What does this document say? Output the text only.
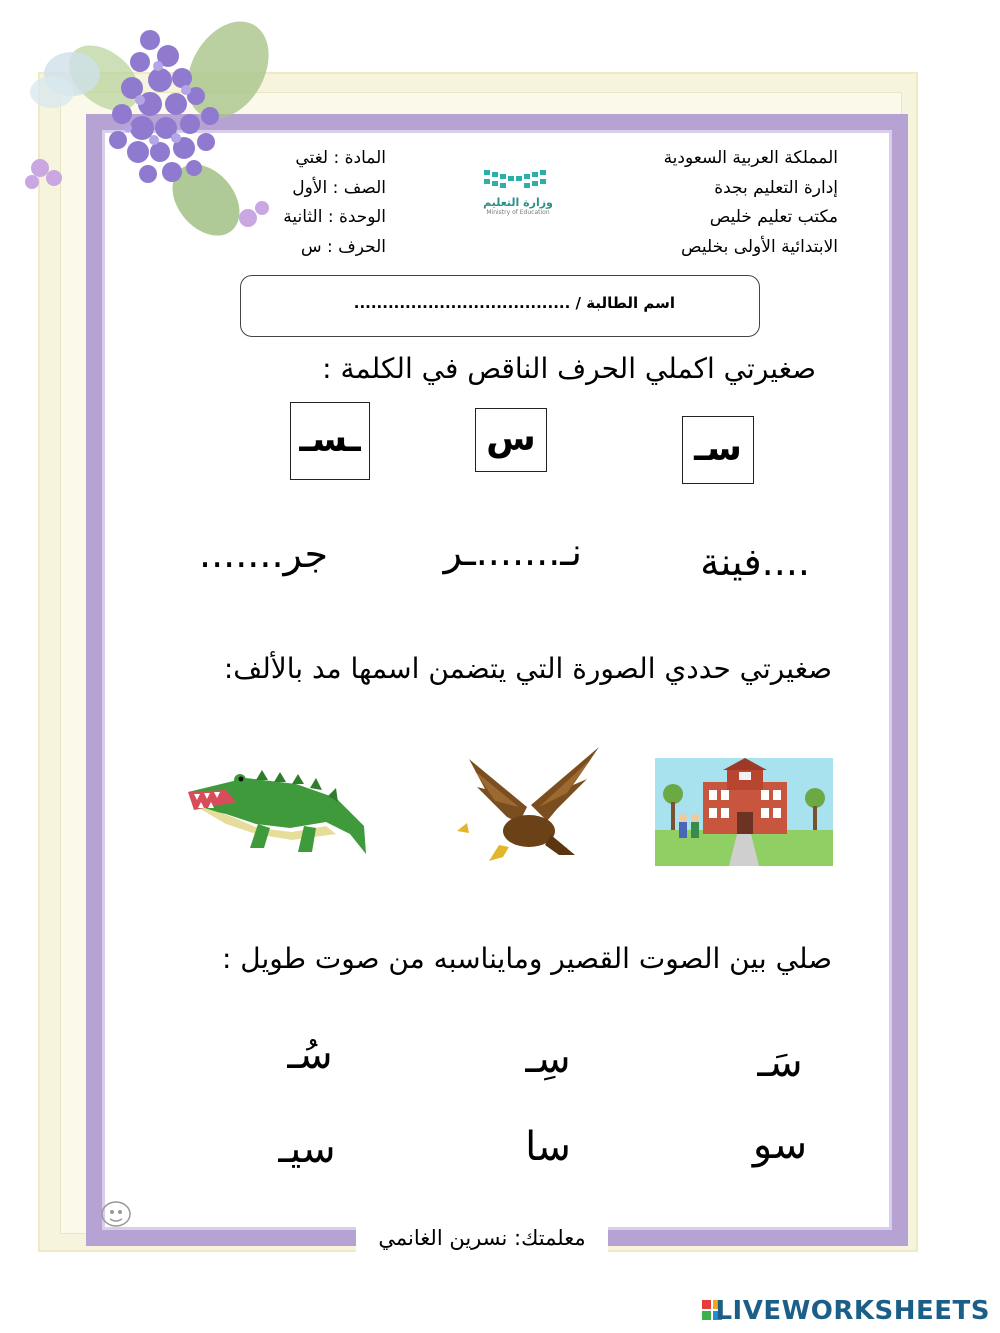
المملكة العربية السعودية
إدارة التعليم بجدة
مكتب تعليم خليص
الابتدائية الأولى بخليص
وزارة التعليم
Ministry of Education
المادة : لغتي
الصف : الأول
الوحدة : الثانية
الحرف : س
اسم الطالبة / ......................................
صغيرتي اكملي الحرف الناقص في الكلمة :
سـ
س
ـسـ
....فينة
نـ.......ـر
جر.......
صغيرتي حددي الصورة التي يتضمن اسمها مد بالألف:
صلي بين الصوت القصير ومايناسبه من صوت طويل :
سَـ
سِـ
سُـ
سو
سا
سيـ
معلمتك: نسرين الغانمي
LIVEWORKSHEETS
